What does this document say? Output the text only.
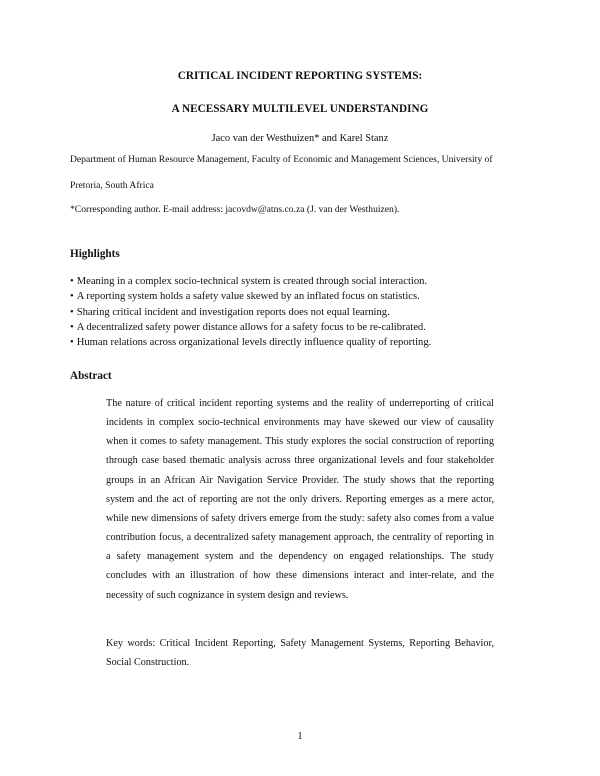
CRITICAL INCIDENT REPORTING SYSTEMS:
A NECESSARY MULTILEVEL UNDERSTANDING
Jaco van der Westhuizen* and Karel Stanz
Department of Human Resource Management, Faculty of Economic and Management Sciences, University of
Pretoria, South Africa
*Corresponding author. E-mail address: jacovdw@atns.co.za (J. van der Westhuizen).
Highlights
• Meaning in a complex socio-technical system is created through social interaction.
• A reporting system holds a safety value skewed by an inflated focus on statistics.
• Sharing critical incident and investigation reports does not equal learning.
• A decentralized safety power distance allows for a safety focus to be re-calibrated.
• Human relations across organizational levels directly influence quality of reporting.
Abstract

The nature of critical incident reporting systems and the reality of underreporting of critical incidents in complex socio-technical environments may have skewed our view of causality when it comes to safety management. This study explores the social construction of reporting through case based thematic analysis across three organizational levels and four stakeholder groups in an African Air Navigation Service Provider. The study shows that the reporting system and the act of reporting are not the only drivers. Reporting emerges as a mere actor, while new dimensions of safety drivers emerge from the study: safety also comes from a value contribution focus, a decentralized safety management approach, the centrality of reporting in a safety management system and the dependency on engaged relationships. The study concludes with an illustration of how these dimensions interact and inter-relate, and the necessity of such cognizance in system design and reviews.

Key words: Critical Incident Reporting, Safety Management Systems, Reporting Behavior, Social Construction.

1
